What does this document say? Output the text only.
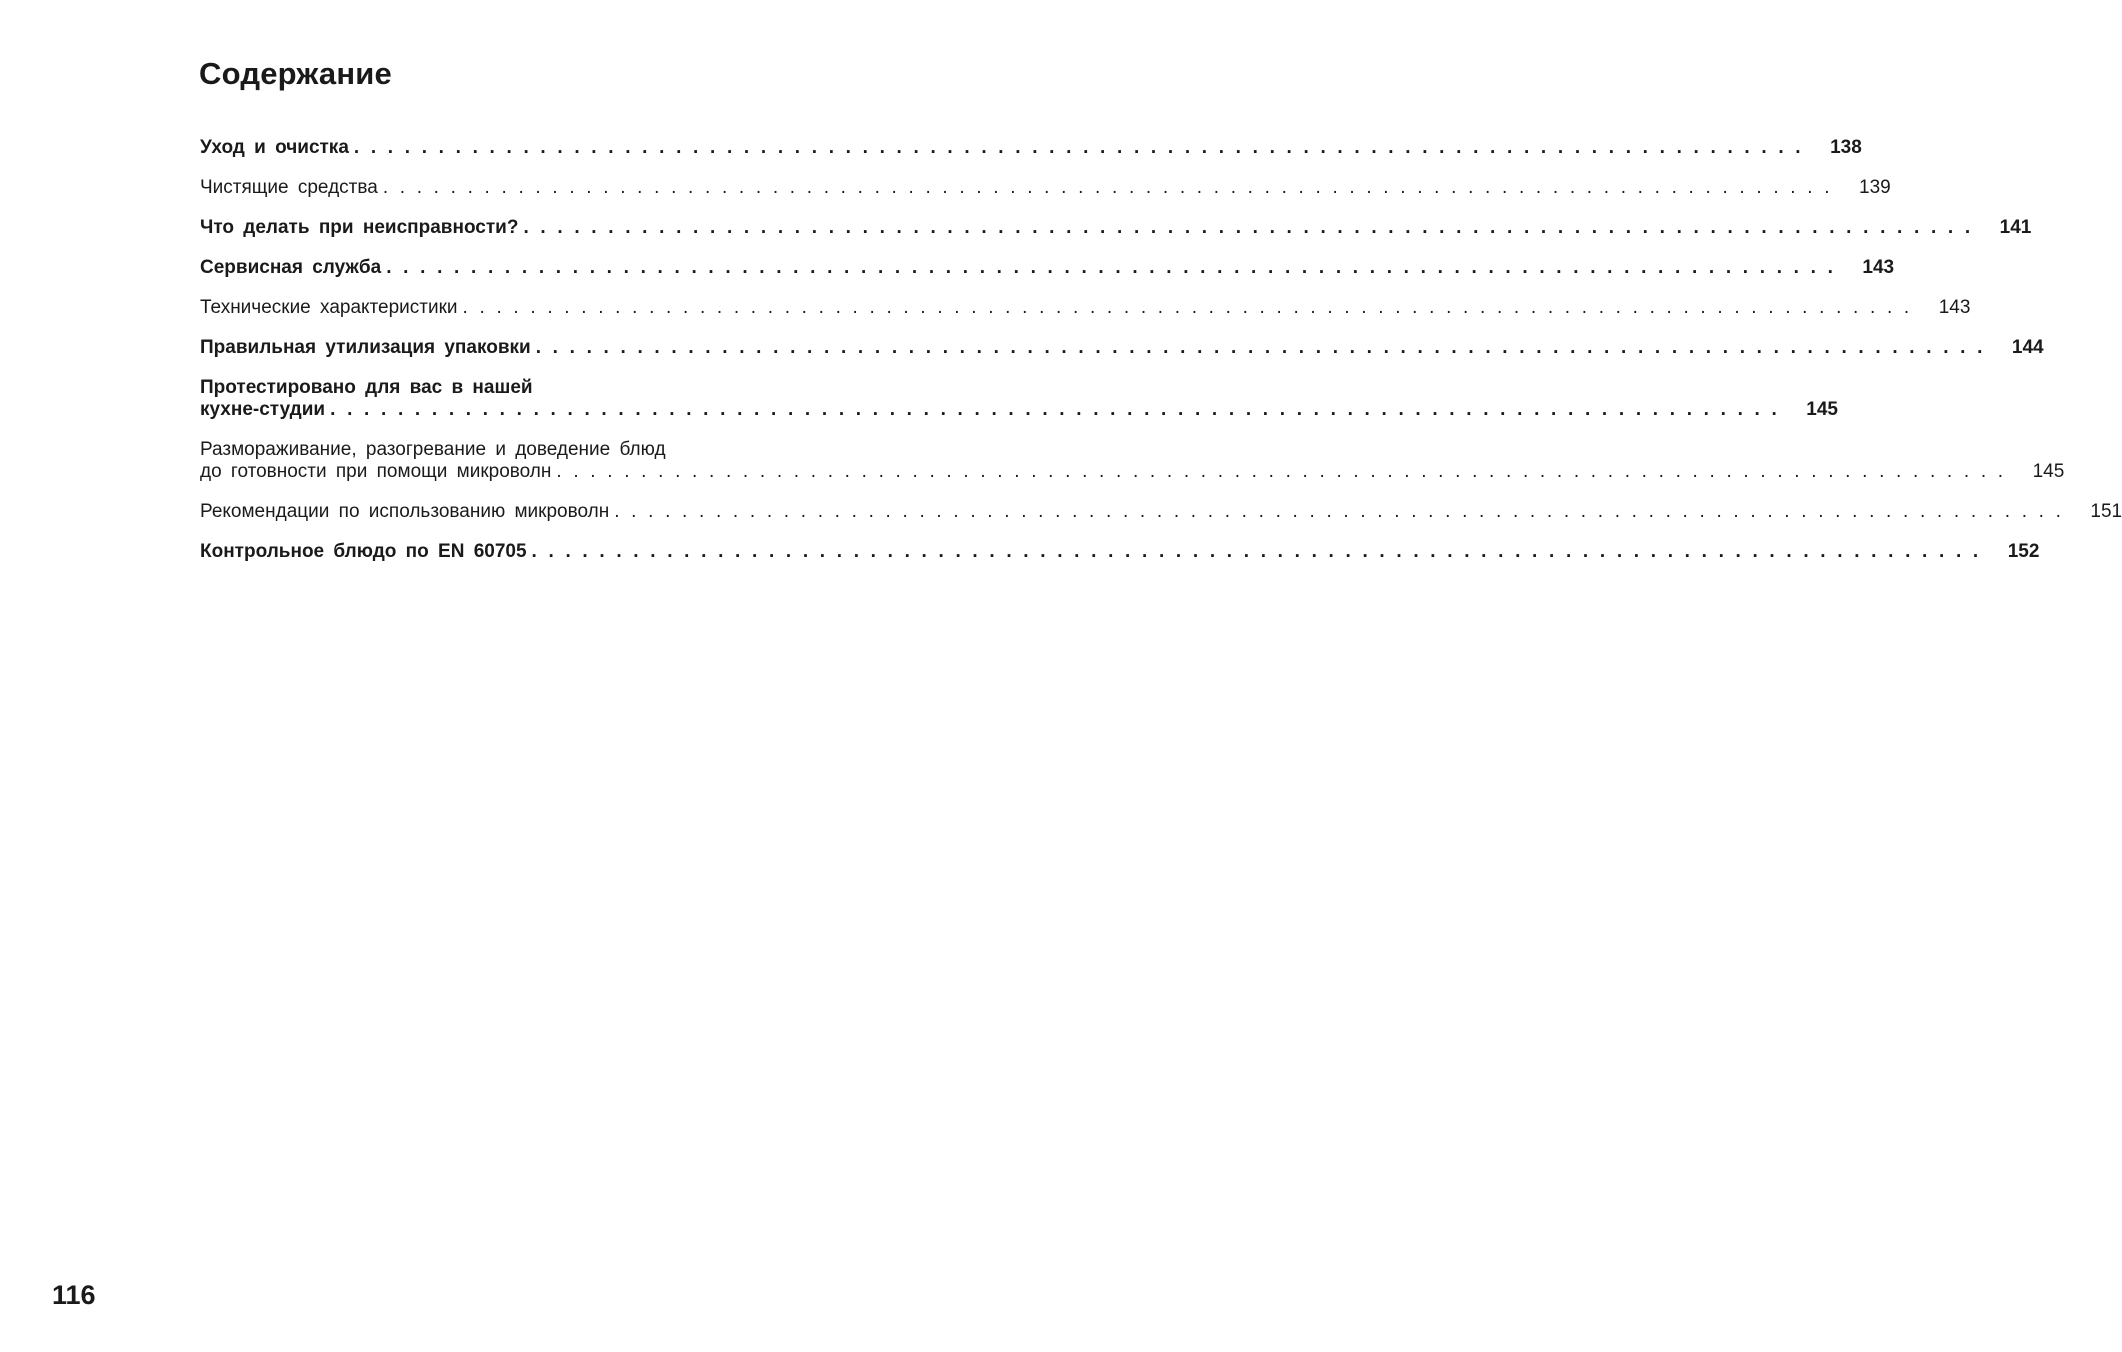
Содержание
Уход и очистка . . . . . . . . . . . . . . . . . . . . . . . . . . . . . . . . . . . . . . . . . . . . . . . . . . . . . . . . . . . . . . . . . . . . . . . . . . . . . . . . . . . . . . 138
Чистящие средства . . . . . . . . . . . . . . . . . . . . . . . . . . . . . . . . . . . . . . . . . . . . . . . . . . . . . . . . . . . . . . . . . . . . . . . . . . . . . . . . . . . . . . 139
Что делать при неисправности? . . . . . . . . . . . . . . . . . . . . . . . . . . . . . . . . . . . . . . . . . . . . . . . . . . . . . . . . . . . . . . . . . . . . . . . . . . . . . . . . . . . . . . 141
Сервисная служба . . . . . . . . . . . . . . . . . . . . . . . . . . . . . . . . . . . . . . . . . . . . . . . . . . . . . . . . . . . . . . . . . . . . . . . . . . . . . . . . . . . . . . 143
Технические характеристики . . . . . . . . . . . . . . . . . . . . . . . . . . . . . . . . . . . . . . . . . . . . . . . . . . . . . . . . . . . . . . . . . . . . . . . . . . . . . . . . . . . . . . 143
Правильная утилизация упаковки . . . . . . . . . . . . . . . . . . . . . . . . . . . . . . . . . . . . . . . . . . . . . . . . . . . . . . . . . . . . . . . . . . . . . . . . . . . . . . . . . . . . . . 144
Протестировано для вас в нашей
кухне-студии . . . . . . . . . . . . . . . . . . . . . . . . . . . . . . . . . . . . . . . . . . . . . . . . . . . . . . . . . . . . . . . . . . . . . . . . . . . . . . . . . . . . . . 145
Размораживание, разогревание и доведение блюд
до готовности при помощи микроволн . . . . . . . . . . . . . . . . . . . . . . . . . . . . . . . . . . . . . . . . . . . . . . . . . . . . . . . . . . . . . . . . . . . . . . . . . . . . . . . . . . . . . . 145
Рекомендации по использованию микроволн . . . . . . . . . . . . . . . . . . . . . . . . . . . . . . . . . . . . . . . . . . . . . . . . . . . . . . . . . . . . . . . . . . . . . . . . . . . . . . . . . . . . . . 151
Контрольное блюдо по EN 60705 . . . . . . . . . . . . . . . . . . . . . . . . . . . . . . . . . . . . . . . . . . . . . . . . . . . . . . . . . . . . . . . . . . . . . . . . . . . . . . . . . . . . . . 152
116
